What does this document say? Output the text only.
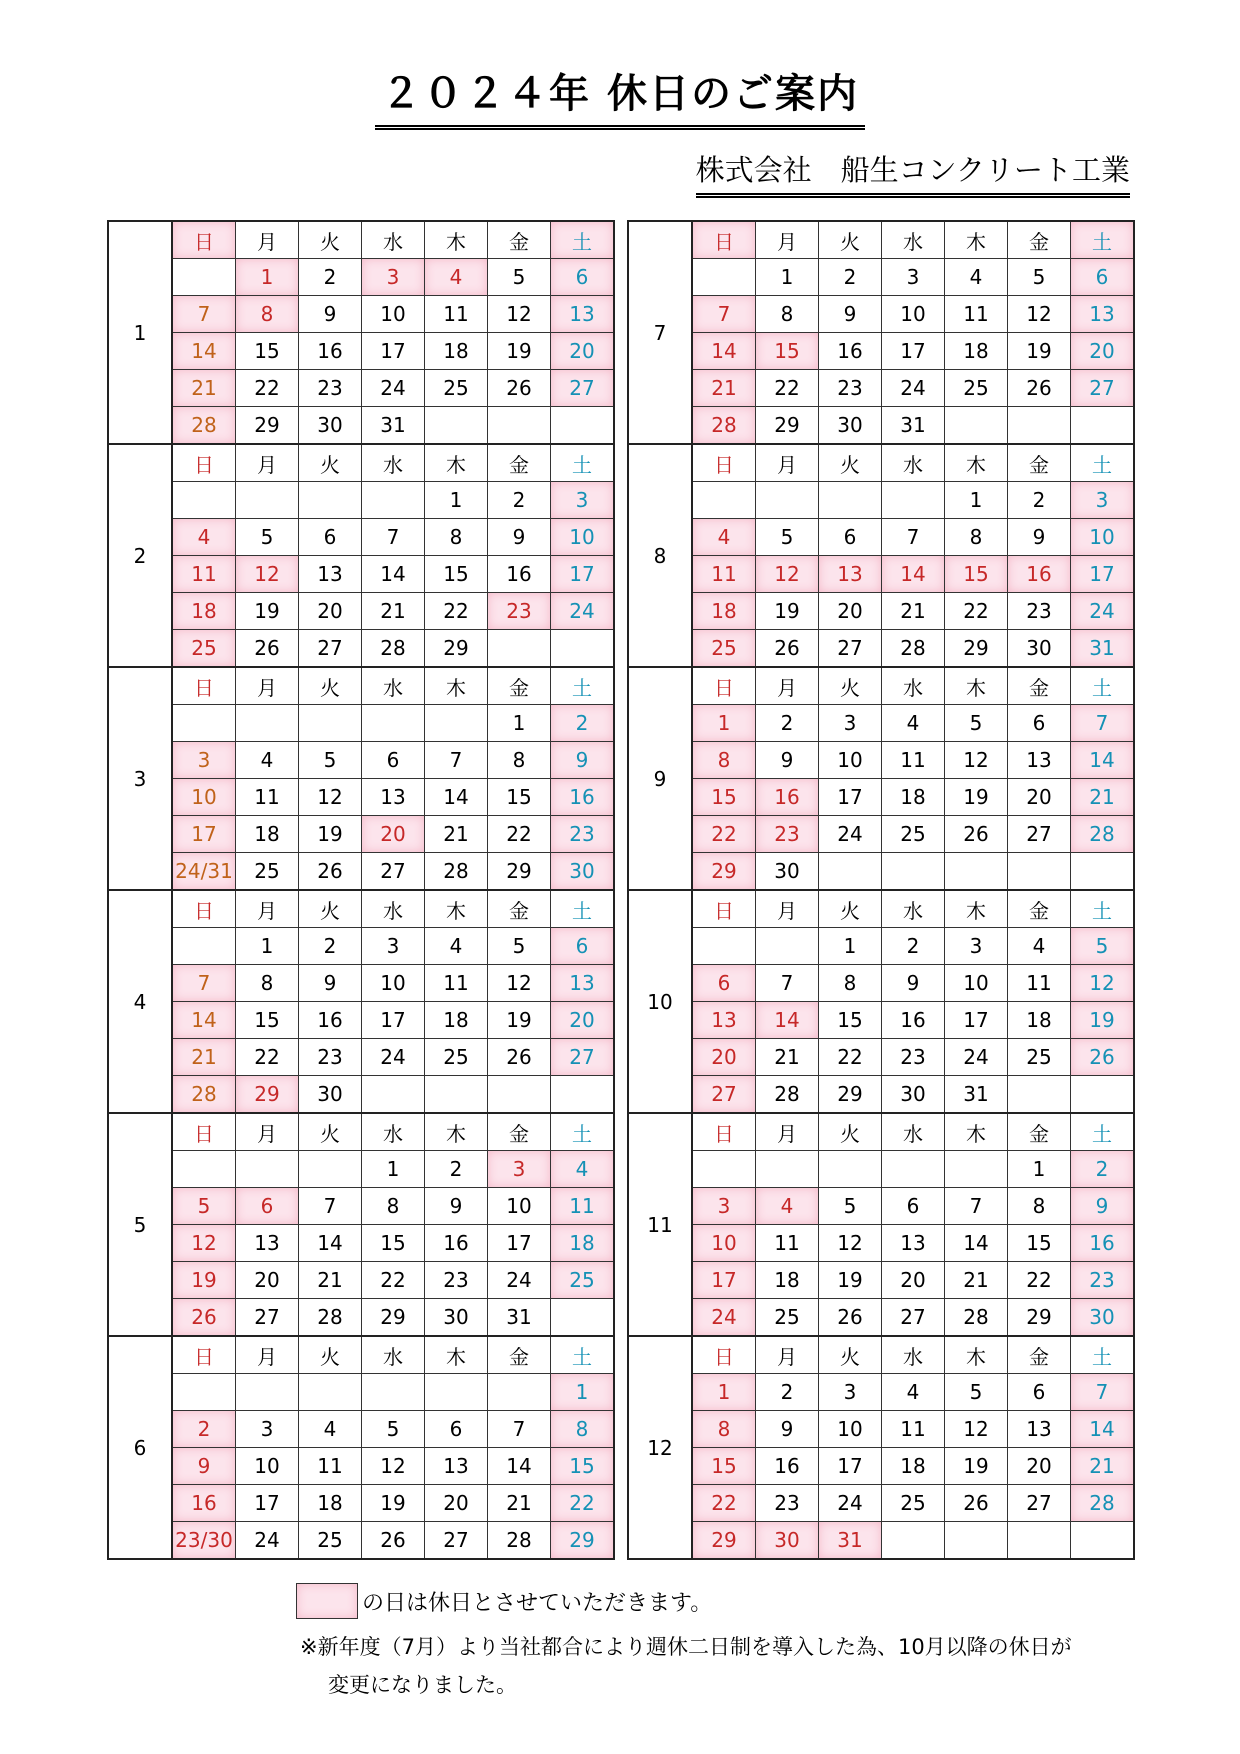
２０２４年 休日のご案内
株式会社　船生コンクリート工業
1	日	月	火	水	木	金	土
		1	2	3	4	5	6
	7	8	9	10	11	12	13
	14	15	16	17	18	19	20
	21	22	23	24	25	26	27
	28	29	30	31			
2	日	月	火	水	木	金	土
					1	2	3
	4	5	6	7	8	9	10
	11	12	13	14	15	16	17
	18	19	20	21	22	23	24
	25	26	27	28	29		
3	日	月	火	水	木	金	土
						1	2
	3	4	5	6	7	8	9
	10	11	12	13	14	15	16
	17	18	19	20	21	22	23
	24/31	25	26	27	28	29	30
4	日	月	火	水	木	金	土
		1	2	3	4	5	6
	7	8	9	10	11	12	13
	14	15	16	17	18	19	20
	21	22	23	24	25	26	27
	28	29	30				
5	日	月	火	水	木	金	土
				1	2	3	4
	5	6	7	8	9	10	11
	12	13	14	15	16	17	18
	19	20	21	22	23	24	25
	26	27	28	29	30	31	
6	日	月	火	水	木	金	土
							1
	2	3	4	5	6	7	8
	9	10	11	12	13	14	15
	16	17	18	19	20	21	22
	23/30	24	25	26	27	28	29
7	日	月	火	水	木	金	土
		1	2	3	4	5	6
	7	8	9	10	11	12	13
	14	15	16	17	18	19	20
	21	22	23	24	25	26	27
	28	29	30	31			
8	日	月	火	水	木	金	土
					1	2	3
	4	5	6	7	8	9	10
	11	12	13	14	15	16	17
	18	19	20	21	22	23	24
	25	26	27	28	29	30	31
9	日	月	火	水	木	金	土
	1	2	3	4	5	6	7
	8	9	10	11	12	13	14
	15	16	17	18	19	20	21
	22	23	24	25	26	27	28
	29	30					
10	日	月	火	水	木	金	土
			1	2	3	4	5
	6	7	8	9	10	11	12
	13	14	15	16	17	18	19
	20	21	22	23	24	25	26
	27	28	29	30	31		
11	日	月	火	水	木	金	土
						1	2
	3	4	5	6	7	8	9
	10	11	12	13	14	15	16
	17	18	19	20	21	22	23
	24	25	26	27	28	29	30
12	日	月	火	水	木	金	土
	1	2	3	4	5	6	7
	8	9	10	11	12	13	14
	15	16	17	18	19	20	21
	22	23	24	25	26	27	28
	29	30	31				
の日は休日とさせていただきます。
※新年度（7月）より当社都合により週休二日制を導入した為、10月以降の休日が
変更になりました。
